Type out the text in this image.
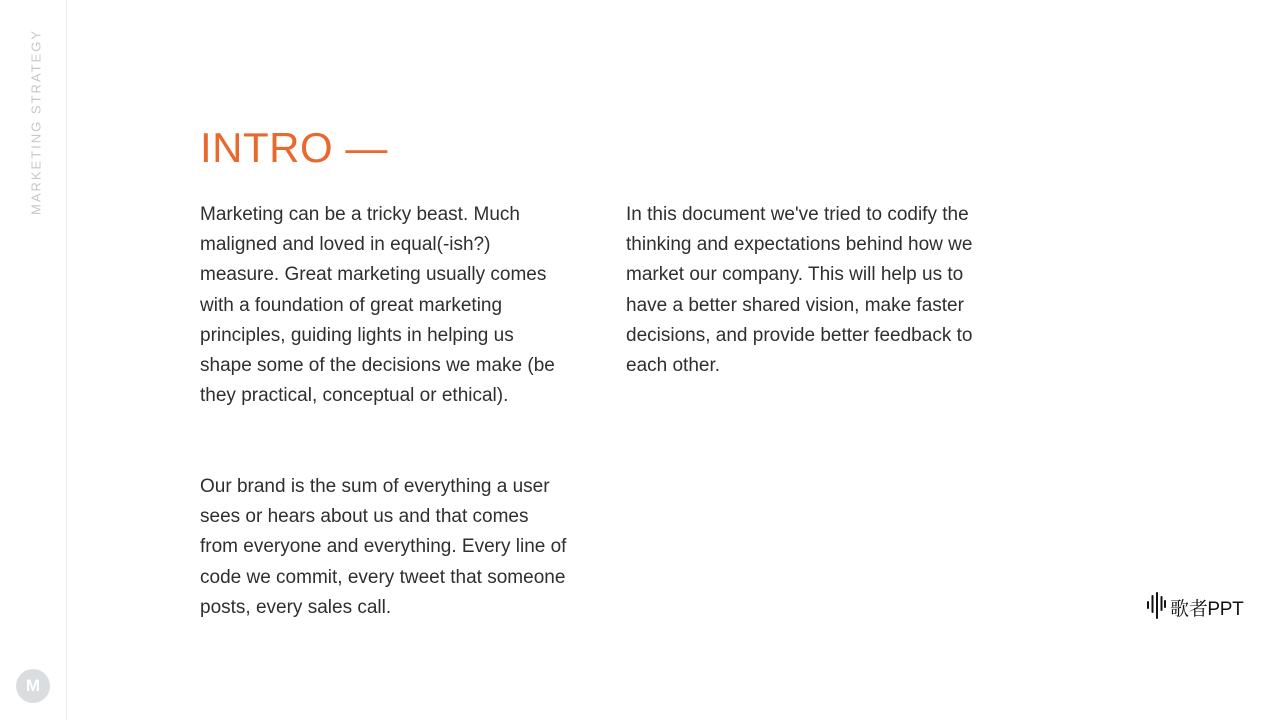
MARKETING STRATEGY
M
INTRO —

Marketing can be a tricky beast. Much maligned and loved in equal(-ish?) measure. Great marketing usually comes with a foundation of great marketing principles, guiding lights in helping us shape some of the decisions we make (be they practical, conceptual or ethical).

Our brand is the sum of everything a user sees or hears about us and that comes from everyone and everything. Every line of code we commit, every tweet that someone posts, every sales call.

In this document we've tried to codify the thinking and expectations behind how we market our company. This will help us to have a better shared vision, make faster decisions, and provide better feedback to each other.

歌者PPT
